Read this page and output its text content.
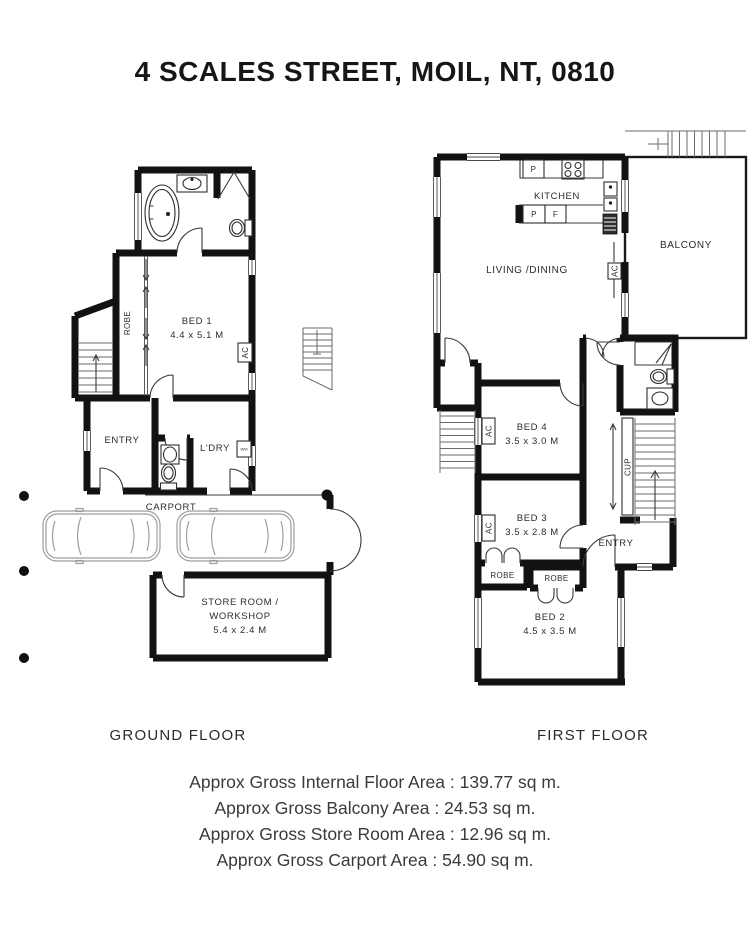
4 SCALES STREET, MOIL, NT, 0810
AC
WM
ROBE	BED 1
4.4 x 5.1 M
ENTRY
L'DRY
CARPORT
STORE ROOM /
WORKSHOP
5.4 x 2.4 M
P
P F
CUP
AC
AC
AC
KITCHEN
LIVING /DINING
BALCONY
BED 4
3.5 x 3.0 M
BED 3
3.5 x 2.8 M
BED 2
4.5 x 3.5 M
ENTRY
ROBE	ROBE
GROUND FLOOR	FIRST FLOOR
Approx Gross Internal Floor Area : 139.77 sq m.
Approx Gross Balcony Area : 24.53 sq m.
Approx Gross Store Room Area : 12.96 sq m.
Approx Gross Carport Area : 54.90 sq m.
